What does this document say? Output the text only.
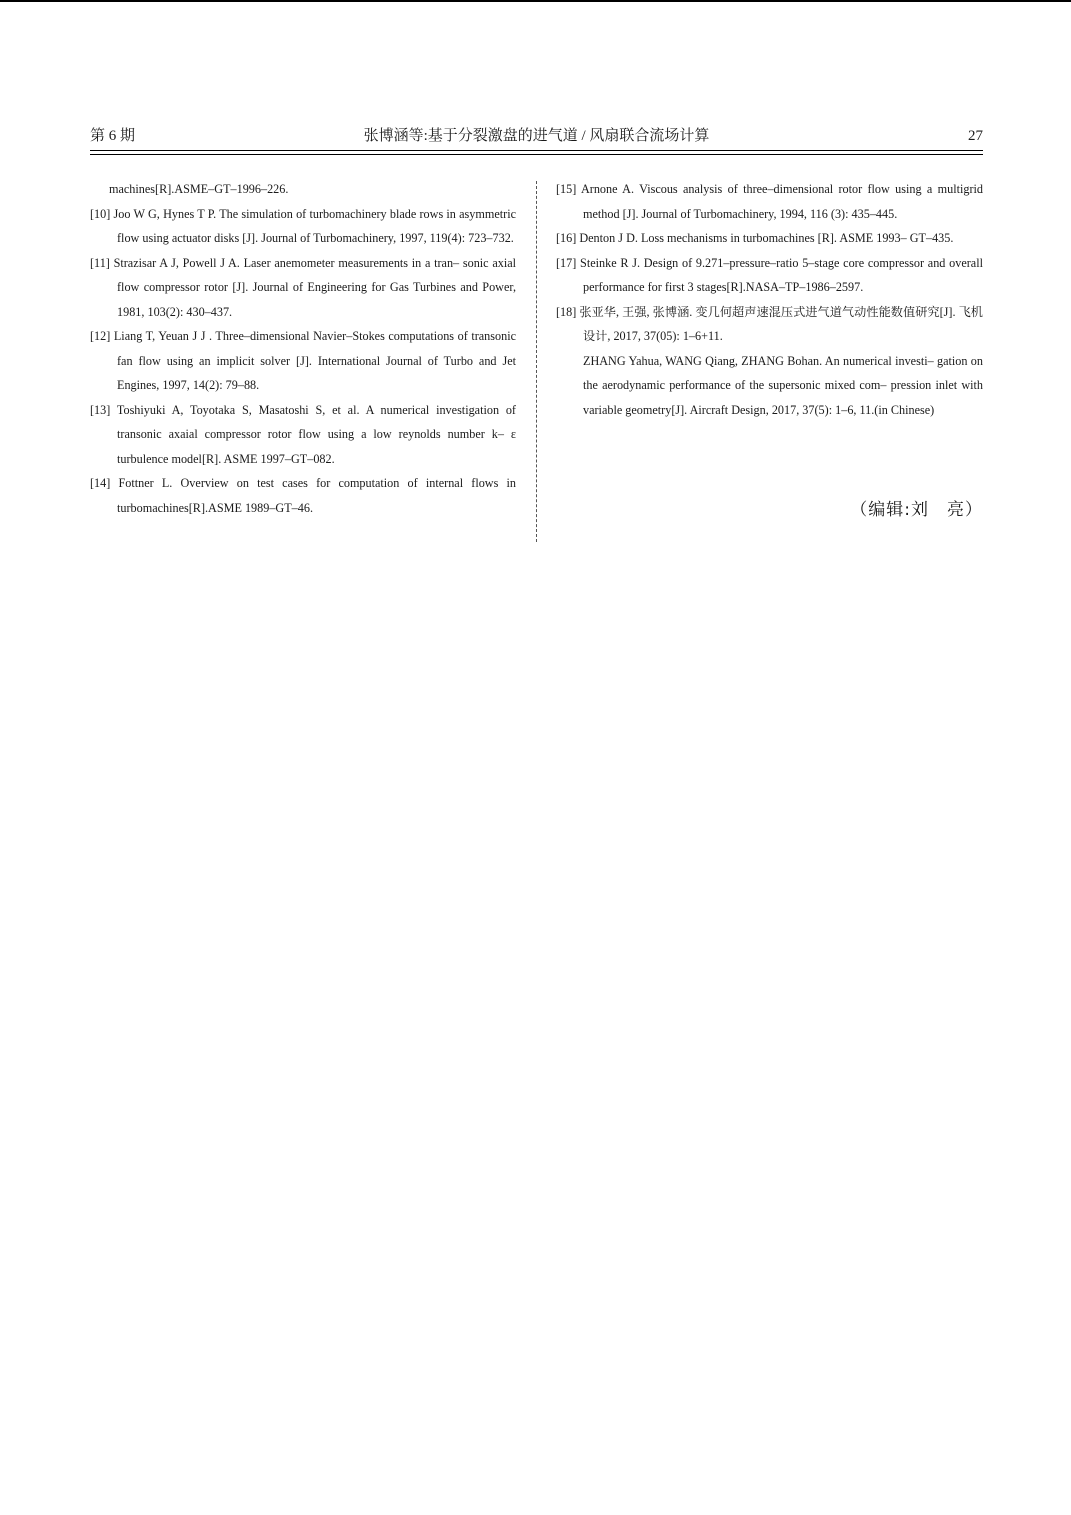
第 6 期	张博涵等:基于分裂激盘的进气道 / 风扇联合流场计算	27
machines[R].ASME–GT–1996–226.
[10] Joo W G, Hynes T P. The simulation of turbomachinery blade rows in asymmetric flow using actuator disks [J]. Journal of Turbomachinery, 1997, 119(4): 723–732.
[11] Strazisar A J, Powell J A. Laser anemometer measurements in a tran– sonic axial flow compressor rotor [J]. Journal of Engineering for Gas Turbines and Power, 1981, 103(2): 430–437.
[12] Liang T, Yeuan J J . Three–dimensional Navier–Stokes computations of transonic fan flow using an implicit solver [J]. International Journal of Turbo and Jet Engines, 1997, 14(2): 79–88.
[13] Toshiyuki A, Toyotaka S, Masatoshi S, et al. A numerical investigation of transonic axaial compressor rotor flow using a low reynolds number k– ε turbulence model[R]. ASME 1997–GT–082.
[14] Fottner L. Overview on test cases for computation of internal flows in turbomachines[R].ASME 1989–GT–46.
[15] Arnone A. Viscous analysis of three–dimensional rotor flow using a multigrid method [J]. Journal of Turbomachinery, 1994, 116 (3): 435–445.
[16] Denton J D. Loss mechanisms in turbomachines [R]. ASME 1993– GT–435.
[17] Steinke R J. Design of 9.271–pressure–ratio 5–stage core compressor and overall performance for first 3 stages[R].NASA–TP–1986–2597.
[18] 张亚华, 王强, 张博涵. 变几何超声速混压式进气道气动性能数值研究[J]. 飞机设计, 2017, 37(05): 1–6+11.
ZHANG Yahua, WANG Qiang, ZHANG Bohan. An numerical investi– gation on the aerodynamic performance of the supersonic mixed com– pression inlet with variable geometry[J]. Aircraft Design, 2017, 37(5): 1–6, 11.(in Chinese)
（编辑:刘　亮）
